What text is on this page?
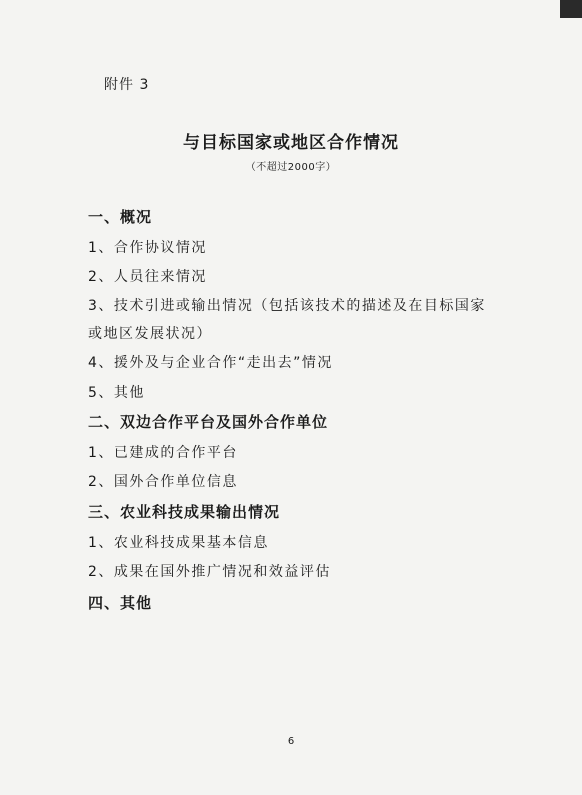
附件 3
与目标国家或地区合作情况
（不超过2000字）
一、概况
1、合作协议情况
2、人员往来情况
3、技术引进或输出情况（包括该技术的描述及在目标国家
或地区发展状况）
4、援外及与企业合作“走出去”情况
5、其他
二、双边合作平台及国外合作单位
1、已建成的合作平台
2、国外合作单位信息
三、农业科技成果输出情况
1、农业科技成果基本信息
2、成果在国外推广情况和效益评估
四、其他
6
